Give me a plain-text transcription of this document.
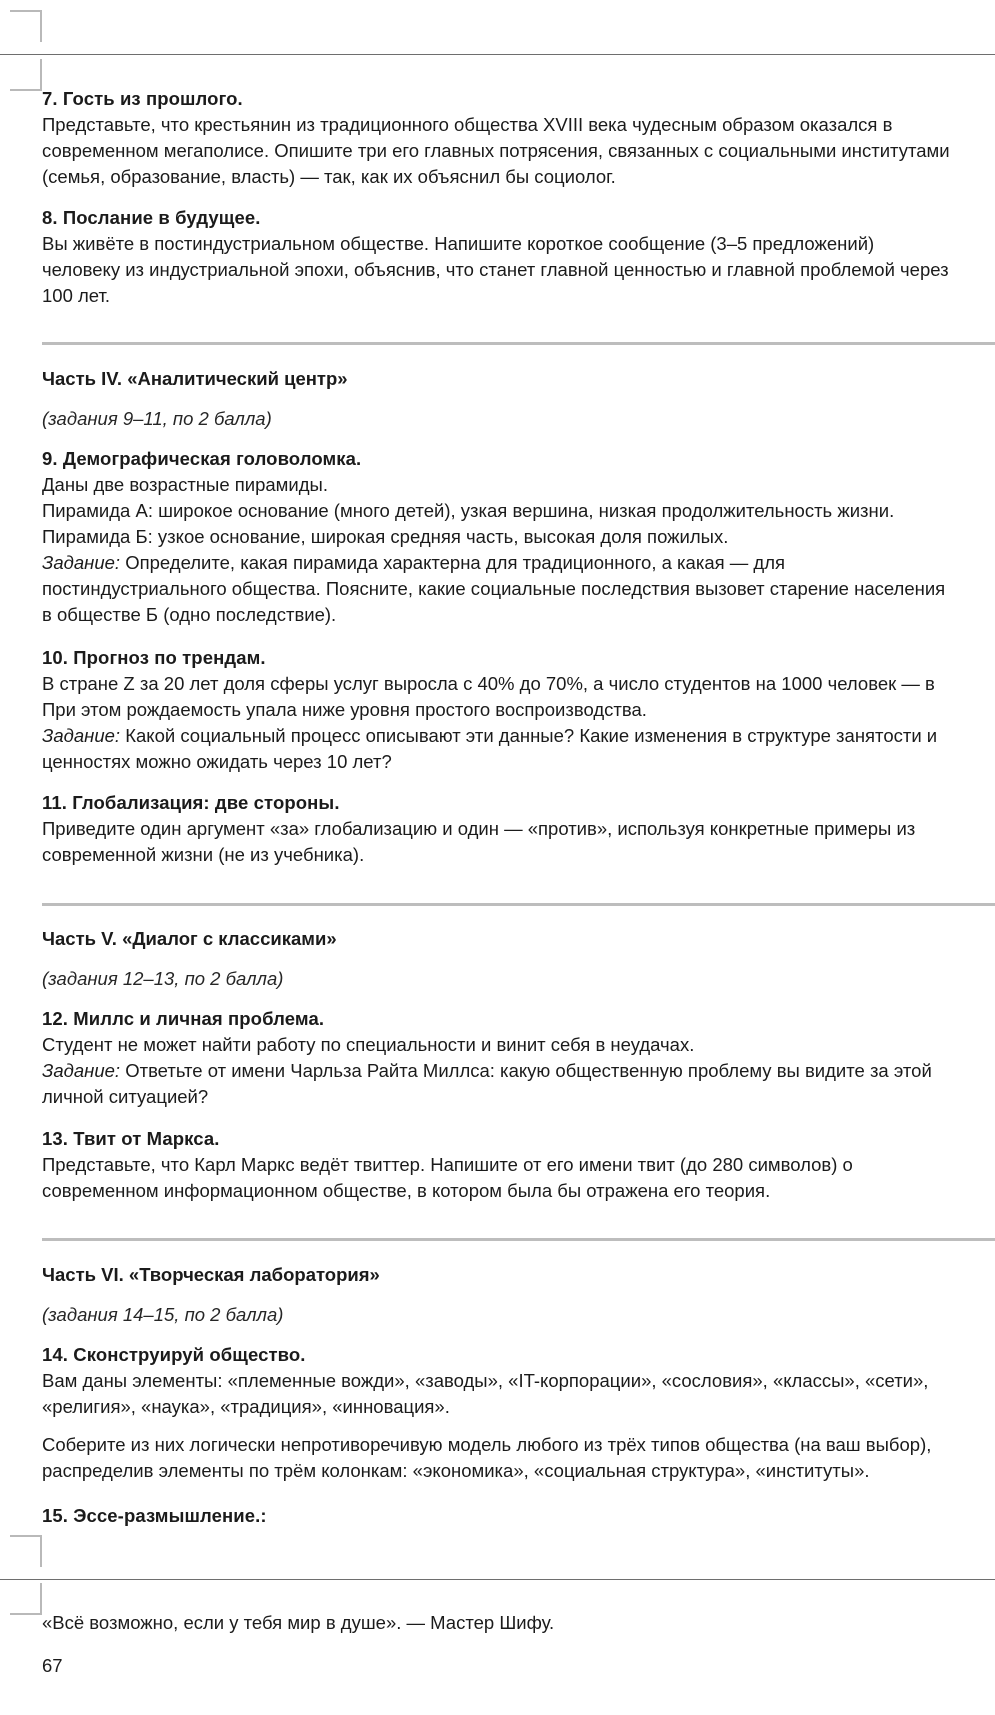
7. Гость из прошлого.

Представьте, что крестьянин из традиционного общества XVIII века чудесным образом оказался в

современном мегаполисе. Опишите три его главных потрясения, связанных с социальными институтами

(семья, образование, власть) — так, как их объяснил бы социолог.

8. Послание в будущее.

Вы живёте в постиндустриальном обществе. Напишите короткое сообщение (3–5 предложений)

человеку из индустриальной эпохи, объяснив, что станет главной ценностью и главной проблемой через

100 лет.

Часть IV. «Аналитический центр»
(задания 9–11, по 2 балла)

9. Демографическая головоломка.

Даны две возрастные пирамиды.

Пирамида А: широкое основание (много детей), узкая вершина, низкая продолжительность жизни.

Пирамида Б: узкое основание, широкая средняя часть, высокая доля пожилых.

Задание: Определите, какая пирамида характерна для традиционного, а какая — для

постиндустриального общества. Поясните, какие социальные последствия вызовет старение населения

в обществе Б (одно последствие).

10. Прогноз по трендам.

В стране Z за 20 лет доля сферы услуг выросла с 40% до 70%, а число студентов на 1000 человек — в

При этом рождаемость упала ниже уровня простого воспроизводства.

Задание: Какой социальный процесс описывают эти данные? Какие изменения в структуре занятости и

ценностях можно ожидать через 10 лет?

11. Глобализация: две стороны.

Приведите один аргумент «за» глобализацию и один — «против», используя конкретные примеры из

современной жизни (не из учебника).

Часть V. «Диалог с классиками»
(задания 12–13, по 2 балла)

12. Миллс и личная проблема.

Студент не может найти работу по специальности и винит себя в неудачах.

Задание: Ответьте от имени Чарльза Райта Миллса: какую общественную проблему вы видите за этой

личной ситуацией?

13. Твит от Маркса.

Представьте, что Карл Маркс ведёт твиттер. Напишите от его имени твит (до 280 символов) о

современном информационном обществе, в котором была бы отражена его теория.

Часть VI. «Творческая лаборатория»
(задания 14–15, по 2 балла)

14. Сконструируй общество.

Вам даны элементы: «племенные вожди», «заводы», «IT-корпорации», «сословия», «классы», «сети»,

«религия», «наука», «традиция», «инновация».

Соберите из них логически непротиворечивую модель любого из трёх типов общества (на ваш выбор),

распределив элементы по трём колонкам: «экономика», «социальная структура», «институты».

15. Эссе-размышление.:

«Всё возможно, если у тебя мир в душе». — Мастер Шифу.
67
